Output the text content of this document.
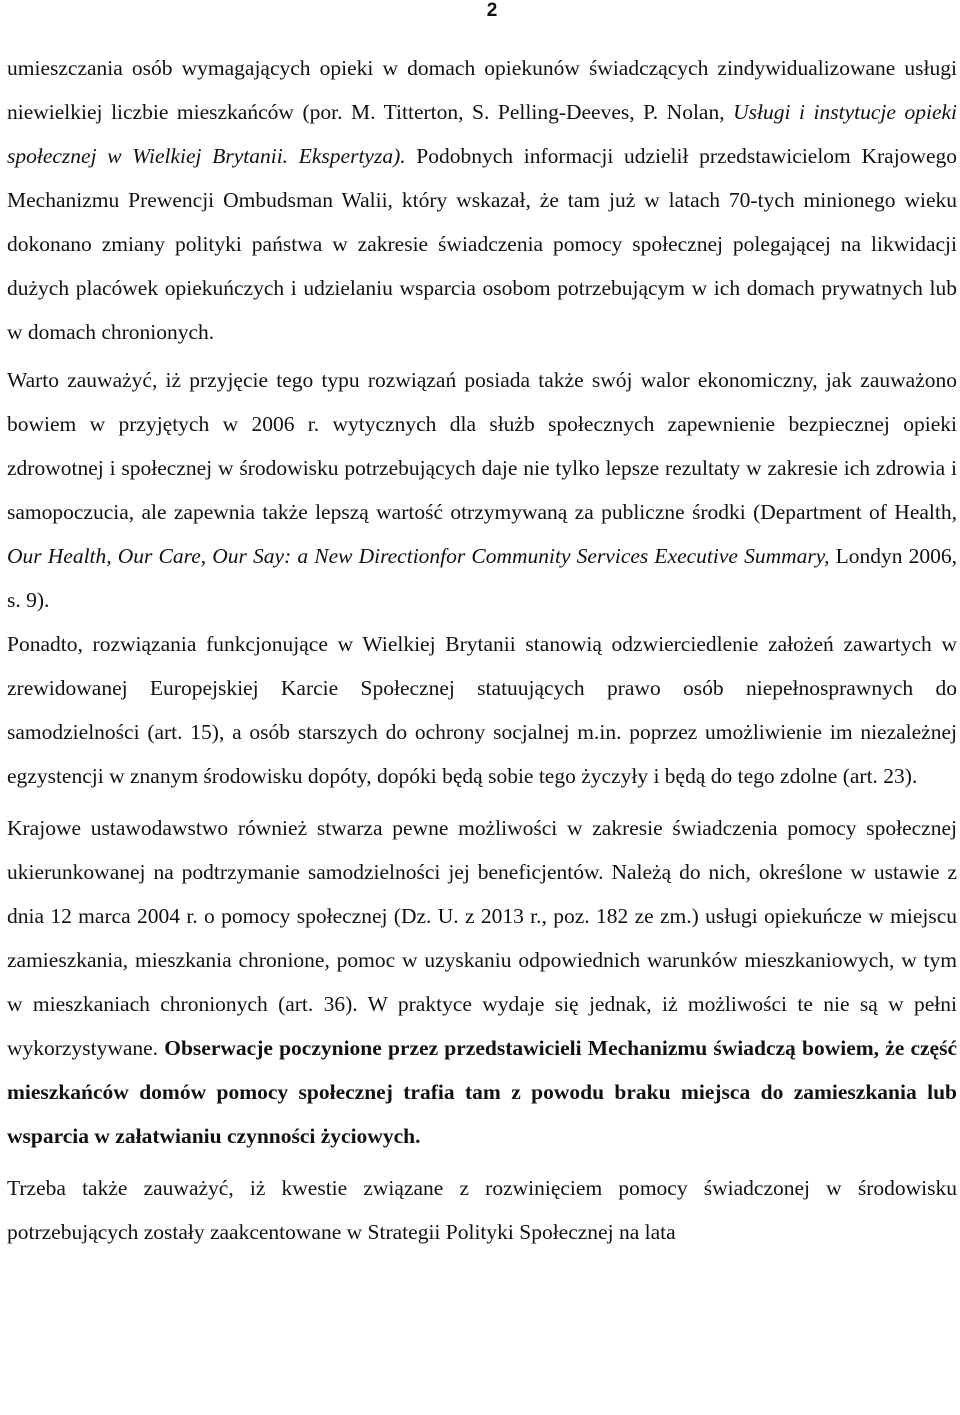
2

umieszczania osób wymagających opieki w domach opiekunów świadczących zindywidualizowane usługi niewielkiej liczbie mieszkańców (por. M. Titterton, S. Pelling-Deeves, P. Nolan, Usługi i instytucje opieki społecznej w Wielkiej Brytanii. Ekspertyza). Podobnych informacji udzielił przedstawicielom Krajowego Mechanizmu Prewencji Ombudsman Walii, który wskazał, że tam już w latach 70-tych minionego wieku dokonano zmiany polityki państwa w zakresie świadczenia pomocy społecznej polegającej na likwidacji dużych placówek opiekuńczych i udzielaniu wsparcia osobom potrzebującym w ich domach prywatnych lub w domach chronionych.

Warto zauważyć, iż przyjęcie tego typu rozwiązań posiada także swój walor ekonomiczny, jak zauważono bowiem w przyjętych w 2006 r. wytycznych dla służb społecznych zapewnienie bezpiecznej opieki zdrowotnej i społecznej w środowisku potrzebujących daje nie tylko lepsze rezultaty w zakresie ich zdrowia i samopoczucia, ale zapewnia także lepszą wartość otrzymywaną za publiczne środki (Department of Health, Our Health, Our Care, Our Say: a New Directionfor Community Services Executive Summary, Londyn 2006, s. 9).

Ponadto, rozwiązania funkcjonujące w Wielkiej Brytanii stanowią odzwierciedlenie założeń zawartych w zrewidowanej Europejskiej Karcie Społecznej statuujących prawo osób niepełnosprawnych do samodzielności (art. 15), a osób starszych do ochrony socjalnej m.in. poprzez umożliwienie im niezależnej egzystencji w znanym środowisku dopóty, dopóki będą sobie tego życzyły i będą do tego zdolne (art. 23).

Krajowe ustawodawstwo również stwarza pewne możliwości w zakresie świadczenia pomocy społecznej ukierunkowanej na podtrzymanie samodzielności jej beneficjentów. Należą do nich, określone w ustawie z dnia 12 marca 2004 r. o pomocy społecznej (Dz. U. z 2013 r., poz. 182 ze zm.) usługi opiekuńcze w miejscu zamieszkania, mieszkania chronione, pomoc w uzyskaniu odpowiednich warunków mieszkaniowych, w tym w mieszkaniach chronionych (art. 36). W praktyce wydaje się jednak, iż możliwości te nie są w pełni wykorzystywane. Obserwacje poczynione przez przedstawicieli Mechanizmu świadczą bowiem, że część mieszkańców domów pomocy społecznej trafia tam z powodu braku miejsca do zamieszkania lub wsparcia w załatwianiu czynności życiowych.

Trzeba także zauważyć, iż kwestie związane z rozwinięciem pomocy świadczonej w środowisku potrzebujących zostały zaakcentowane w Strategii Polityki Społecznej na lata
